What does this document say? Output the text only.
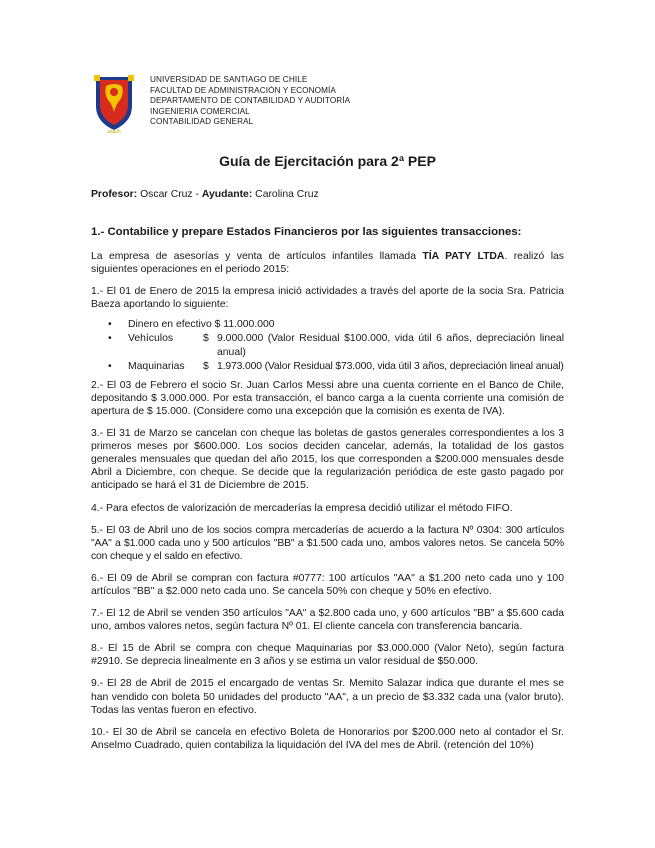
usach
UNIVERSIDAD DE SANTIAGO DE CHILE
FACULTAD DE ADMINISTRACIÓN Y ECONOMÍA
DEPARTAMENTO DE CONTABILIDAD Y AUDITORÍA
INGENIERIA COMERCIAL
CONTABILIDAD GENERAL
Guía de Ejercitación para 2ª PEP
Profesor: Oscar Cruz - Ayudante: Carolina Cruz
1.- Contabilice y prepare Estados Financieros por las siguientes transacciones:

La empresa de asesorías y venta de artículos infantiles llamada TÍA PATY LTDA. realizó las siguientes operaciones en el periodo 2015:

1.- El 01 de Enero de 2015 la empresa inició actividades a través del aporte de la socia Sra. Patricia Baeza aportando lo siguiente:

• Dinero en efectivo $ 11.000.000
• Vehículos	$ 9.000.000 (Valor Residual $100.000, vida útil 6 años, depreciación lineal anual)
• Maquinarias	$ 1.973.000 (Valor Residual $73.000, vida útil 3 años, depreciación lineal anual)

2.- El 03 de Febrero el socio Sr. Juan Carlos Messi abre una cuenta corriente en el Banco de Chile, depositando $ 3.000.000. Por esta transacción, el banco carga a la cuenta corriente una comisión de apertura de $ 15.000. (Considere como una excepción que la comisión es exenta de IVA).

3.- El 31 de Marzo se cancelan con cheque las boletas de gastos generales correspondientes a los 3 primeros meses por $600.000. Los socios deciden cancelar, además, la totalidad de los gastos generales mensuales que quedan del año 2015, los que corresponden a $200.000 mensuales desde Abril a Diciembre, con cheque. Se decide que la regularización periódica de este gasto pagado por anticipado se hará el 31 de Diciembre de 2015.

4.- Para efectos de valorización de mercaderías la empresa decidió utilizar el método FIFO.

5.- El 03 de Abril uno de los socios compra mercaderías de acuerdo a la factura Nº 0304: 300 artículos "AA" a $1.000 cada uno y 500 artículos "BB" a $1.500 cada uno, ambos valores netos. Se cancela 50% con cheque y el saldo en efectivo.

6.- El 09 de Abril se compran con factura #0777: 100 artículos "AA" a $1.200 neto cada uno y 100 artículos "BB" a $2.000 neto cada uno. Se cancela 50% con cheque y 50% en efectivo.

7.- El 12 de Abril se venden 350 artículos "AA" a $2.800 cada uno, y 600 artículos "BB" a $5.600 cada uno, ambos valores netos, según factura Nº 01. El cliente cancela con transferencia bancaria.

8.- El 15 de Abril se compra con cheque Maquinarias por $3.000.000 (Valor Neto), según factura #2910. Se deprecia linealmente en 3 años y se estima un valor residual de $50.000.

9.- El 28 de Abril de 2015 el encargado de ventas Sr. Memito Salazar indica que durante el mes se han vendido con boleta 50 unidades del producto "AA", a un precio de $3.332 cada una (valor bruto). Todas las ventas fueron en efectivo.

10.- El 30 de Abril se cancela en efectivo Boleta de Honorarios por $200.000 neto al contador el Sr. Anselmo Cuadrado, quien contabiliza la liquidación del IVA del mes de Abril. (retención del 10%)
